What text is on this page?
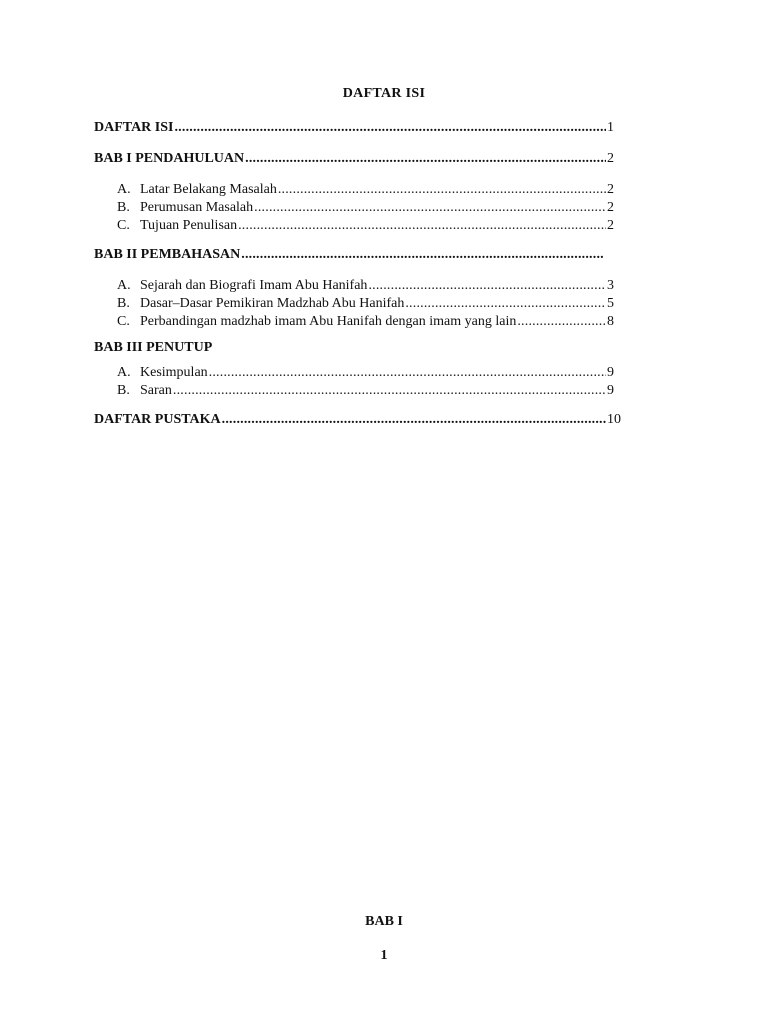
DAFTAR ISI
DAFTAR ISI .....	1
BAB I PENDAHULUAN .....	2
A. Latar Belakang Masalah .....	2
B. Perumusan Masalah .....	2
C. Tujuan Penulisan .....	2
BAB II PEMBAHASAN
.....
A. Sejarah dan Biografi Imam Abu Hanifah .....	3
B. Dasar–Dasar Pemikiran Madzhab Abu Hanifah .....	5
C. Perbandingan madzhab imam Abu Hanifah dengan imam yang lain .....	8
BAB III PENUTUP
A. Kesimpulan .....	9
B. Saran .....	9
DAFTAR PUSTAKA .....	10
BAB I
1
